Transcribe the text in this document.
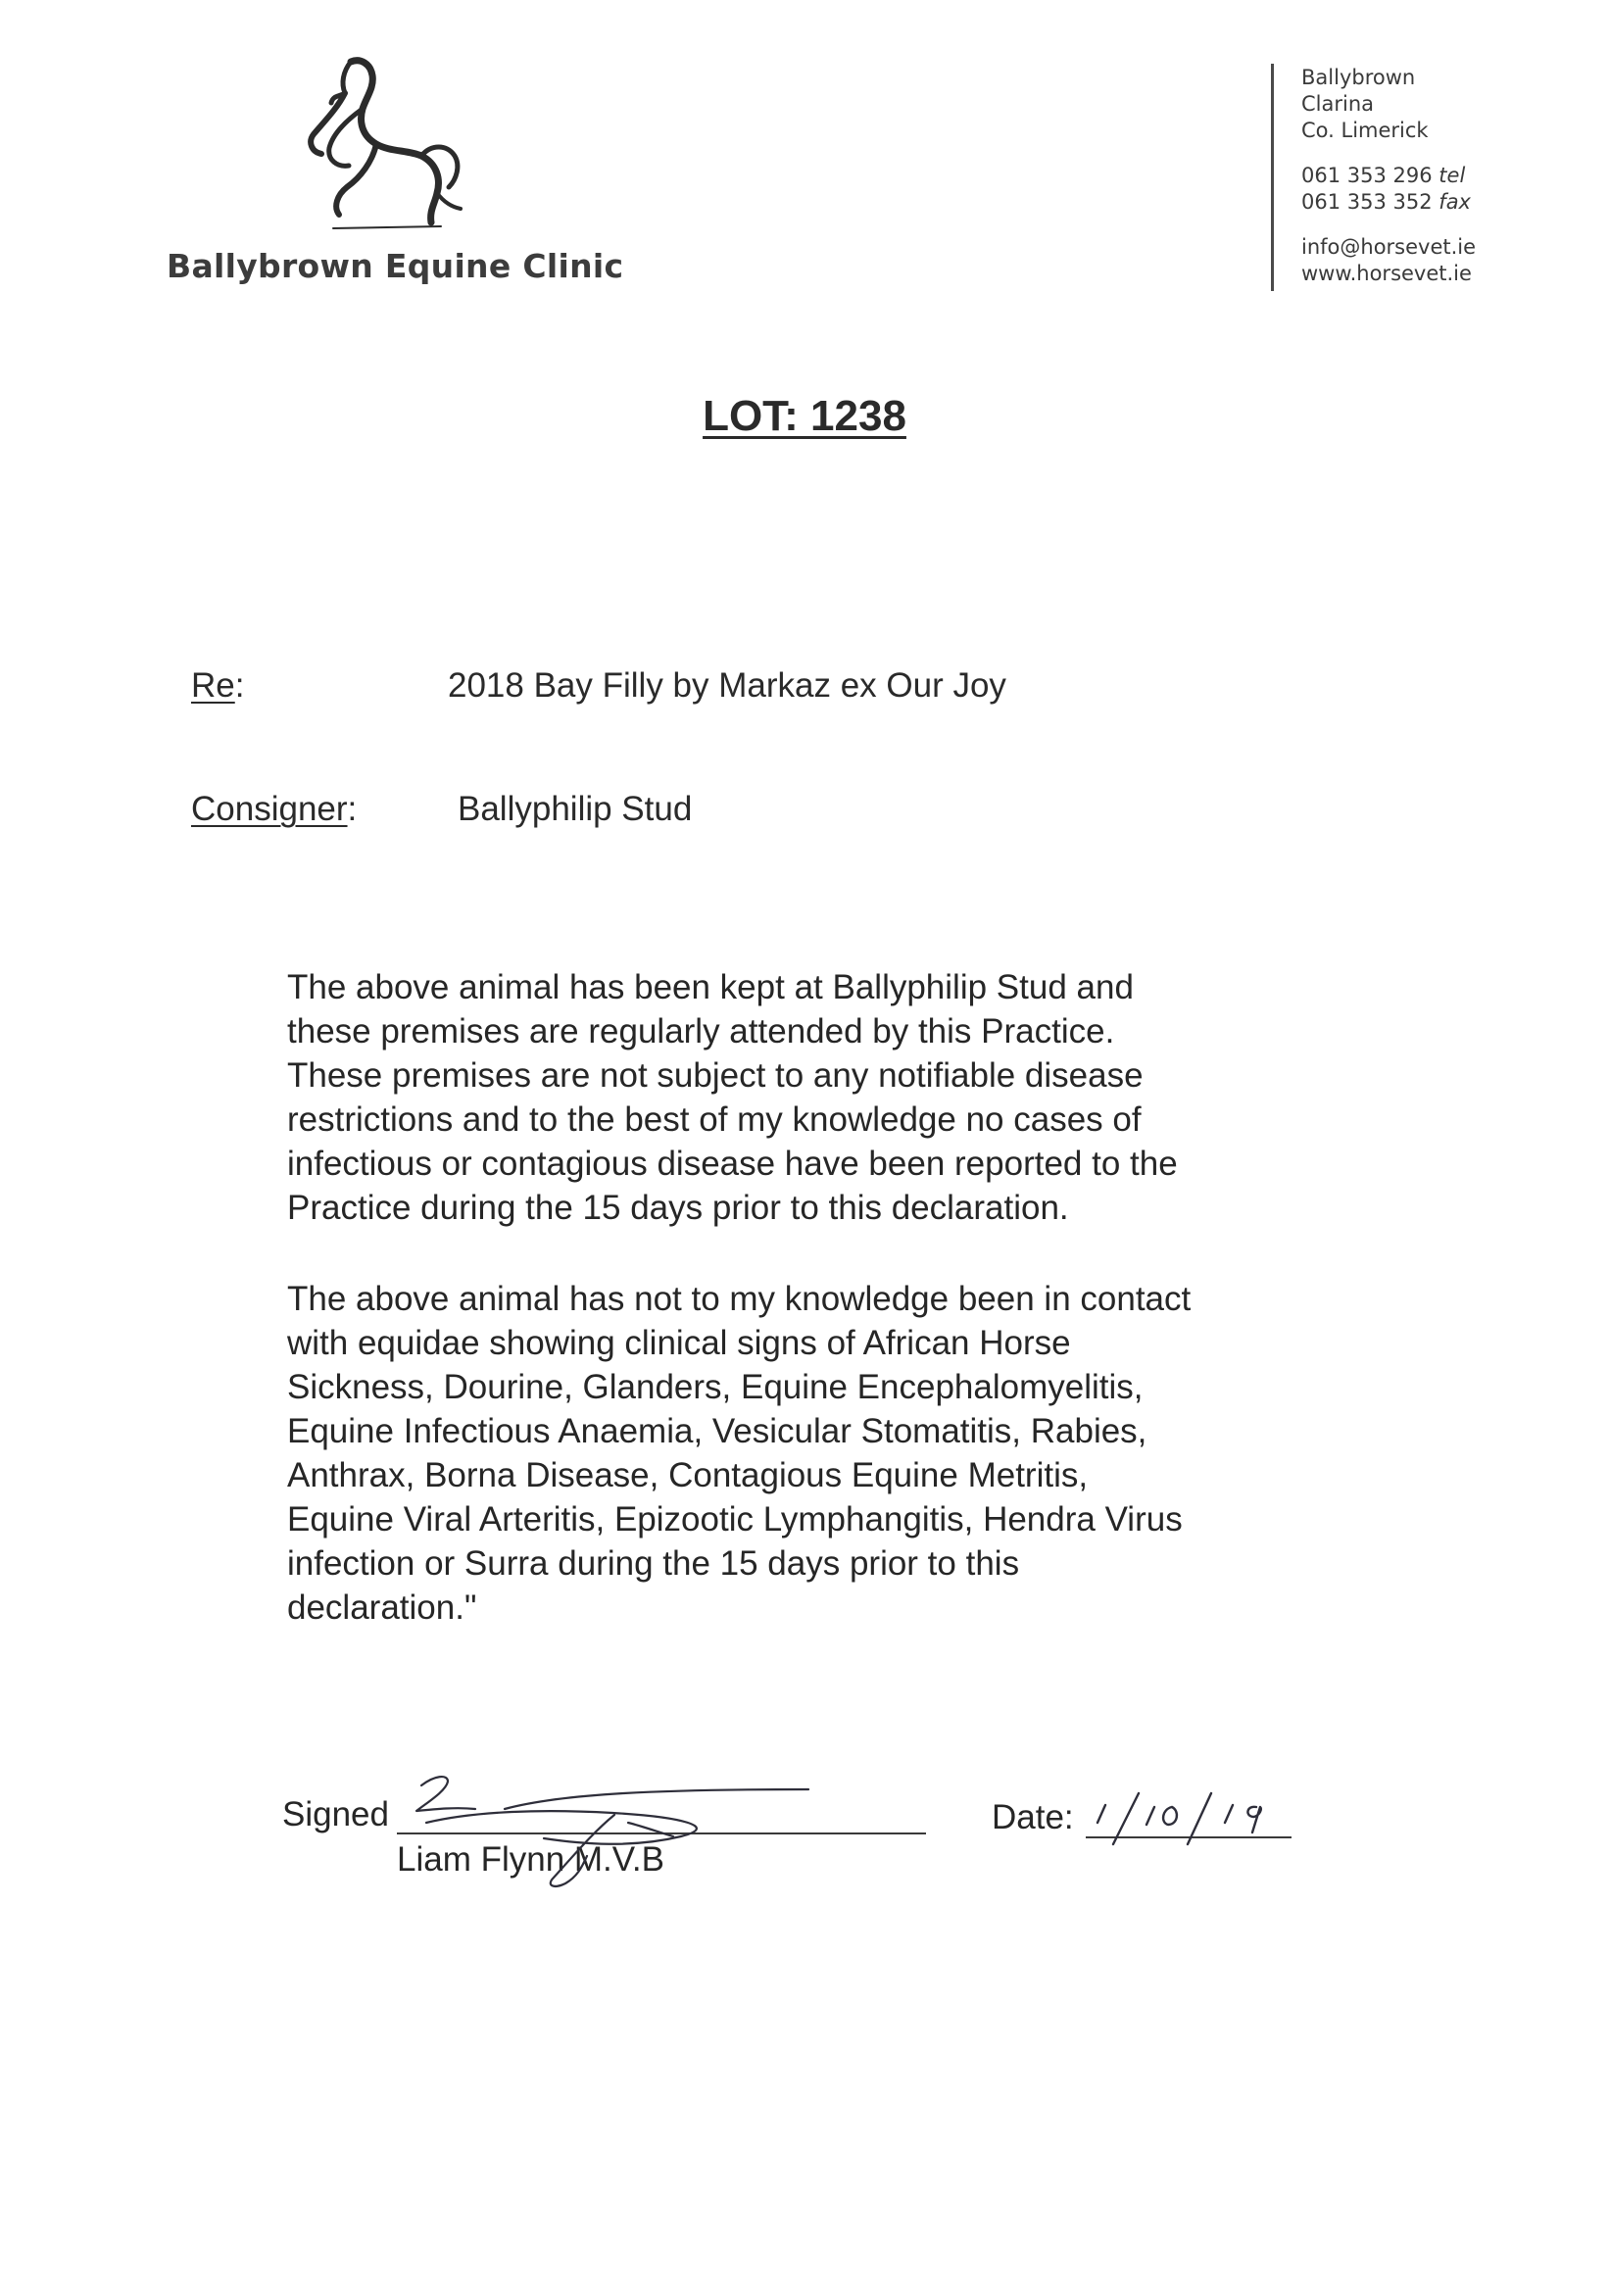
Ballybrown Equine Clinic
Ballybrown
Clarina
Co. Limerick
061 353 296 tel
061 353 352 fax
info@horsevet.ie
www.horsevet.ie
LOT: 1238
Re:	2018 Bay Filly by Markaz ex Our Joy
Consigner:	Ballyphilip Stud
The above animal has been kept at Ballyphilip Stud and
these premises are regularly attended by this Practice.
These premises are not subject to any notifiable disease
restrictions and to the best of my knowledge no cases of
infectious or contagious disease have been reported to the
Practice during the 15 days prior to this declaration.
The above animal has not to my knowledge been in contact
with equidae showing clinical signs of African Horse
Sickness, Dourine, Glanders, Equine Encephalomyelitis,
Equine Infectious Anaemia, Vesicular Stomatitis, Rabies,
Anthrax, Borna Disease, Contagious Equine Metritis,
Equine Viral Arteritis, Epizootic Lymphangitis, Hendra Virus
infection or Surra during the 15 days prior to this
declaration."
Signed
Liam Flynn M.V.B
Date:
